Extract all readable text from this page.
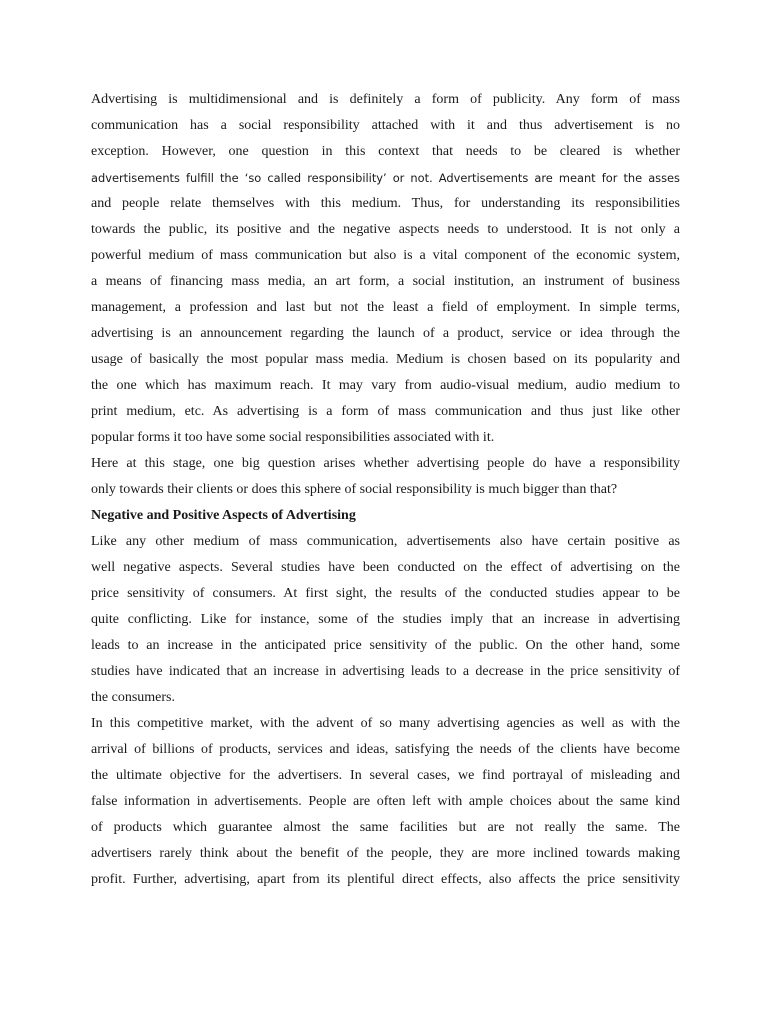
Advertising is multidimensional and is definitely a form of publicity. Any form of mass
communication has a social responsibility attached with it and thus advertisement is no
exception. However, one question in this context that needs to be cleared is whether
advertisements fulfill the ‘so called responsibility’ or not. Advertisements are meant for the asses
and people relate themselves with this medium. Thus, for understanding its responsibilities
towards the public, its positive and the negative aspects needs to understood. It is not only a
powerful medium of mass communication but also is a vital component of the economic system,
a means of financing mass media, an art form, a social institution, an instrument of business
management, a profession and last but not the least a field of employment. In simple terms,
advertising is an announcement regarding the launch of a product, service or idea through the
usage of basically the most popular mass media. Medium is chosen based on its popularity and
the one which has maximum reach. It may vary from audio-visual medium, audio medium to
print medium, etc. As advertising is a form of mass communication and thus just like other
popular forms it too have some social responsibilities associated with it.

Here at this stage, one big question arises whether advertising people do have a responsibility
only towards their clients or does this sphere of social responsibility is much bigger than that?

Negative and Positive Aspects of Advertising

Like any other medium of mass communication, advertisements also have certain positive as
well negative aspects. Several studies have been conducted on the effect of advertising on the
price sensitivity of consumers. At first sight, the results of the conducted studies appear to be
quite conflicting. Like for instance, some of the studies imply that an increase in advertising
leads to an increase in the anticipated price sensitivity of the public. On the other hand, some
studies have indicated that an increase in advertising leads to a decrease in the price sensitivity of
the consumers.

In this competitive market, with the advent of so many advertising agencies as well as with the
arrival of billions of products, services and ideas, satisfying the needs of the clients have become
the ultimate objective for the advertisers. In several cases, we find portrayal of misleading and
false information in advertisements. People are often left with ample choices about the same kind
of products which guarantee almost the same facilities but are not really the same. The
advertisers rarely think about the benefit of the people, they are more inclined towards making
profit. Further, advertising, apart from its plentiful direct effects, also affects the price sensitivity
